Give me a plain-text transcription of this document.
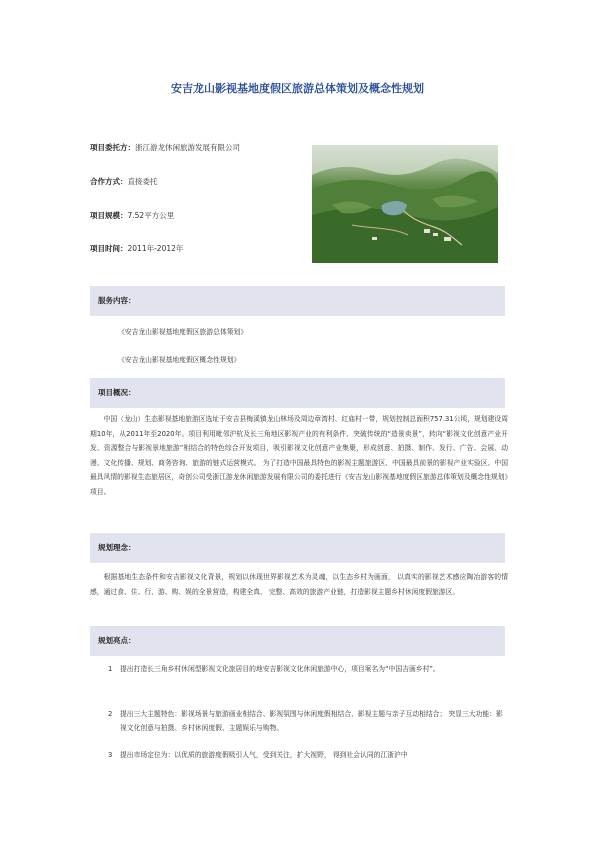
安吉龙山影视基地度假区旅游总体策划及概念性规划
项目委托方：浙江游龙休闲旅游发展有限公司
合作方式：直接委托
项目规模：7.52平方公里
项目时间：2011年-2012年
服务内容：
《安吉龙山影视基地度假区旅游总体策划》
《安吉龙山影视基地度假区概念性规划》
项目概况：
中国（龙山）生态影视基地旅游区选址于安吉县梅溪镇龙山林场及周边章湾村、红庙村一带，规划控制总面积757.31公顷，规划建设周期10年，从2011年至2020年。项目利用毗邻沪杭及长三角地区影视产业的有利条件、突破传统的“造景卖景”，转向“影视文化创意产业开发、资源整合与影视景地旅游”相结合的特色综合开发项目，吸引影视文化创意产业集聚，形成创意、拍摄、制作、发行、广告、会展、动漫、文化传播、规划、商务咨询、旅游的链式运营模式。 为了打造中国最具特色的影视主题旅游区、中国最具前景的影视产业实验区、中国最具风情的影视生态旅居区，奇创公司受浙江游龙休闲旅游发展有限公司的委托进行《安吉龙山影视基地度假区旅游总体策划及概念性规划》项目。
规划理念：
根据基地生态条件和安吉影视文化背景，规划以休现世界影视艺术为灵魂，以生态乡村为画面， 以真实的影视艺术感应陶冶游客的情感，通过食、住、行、游、购、娱的全景营造，构建全真、 完整、高效的旅游产业链，打造影视主题乡村休闲度假旅游区。
规划亮点：
1 提出打造长三角乡村休闲型影视文化旅居目的地安吉影视文化休闲旅游中心，项目案名为“中国吉画乡村”。
2 提出三大主题特色：影视场景与旅游画业相结合、影视氛围与休闲度假相结合、影视主题与亲子互动相结合； 突显三大功能：影视文化创意与拍摄、乡村休闲度假、主题娱乐与购物。
3 提出市场定位为：以优质的旅游度假吸引人气，受到关注，扩大视野， 得到社会认同的江浙沪中
